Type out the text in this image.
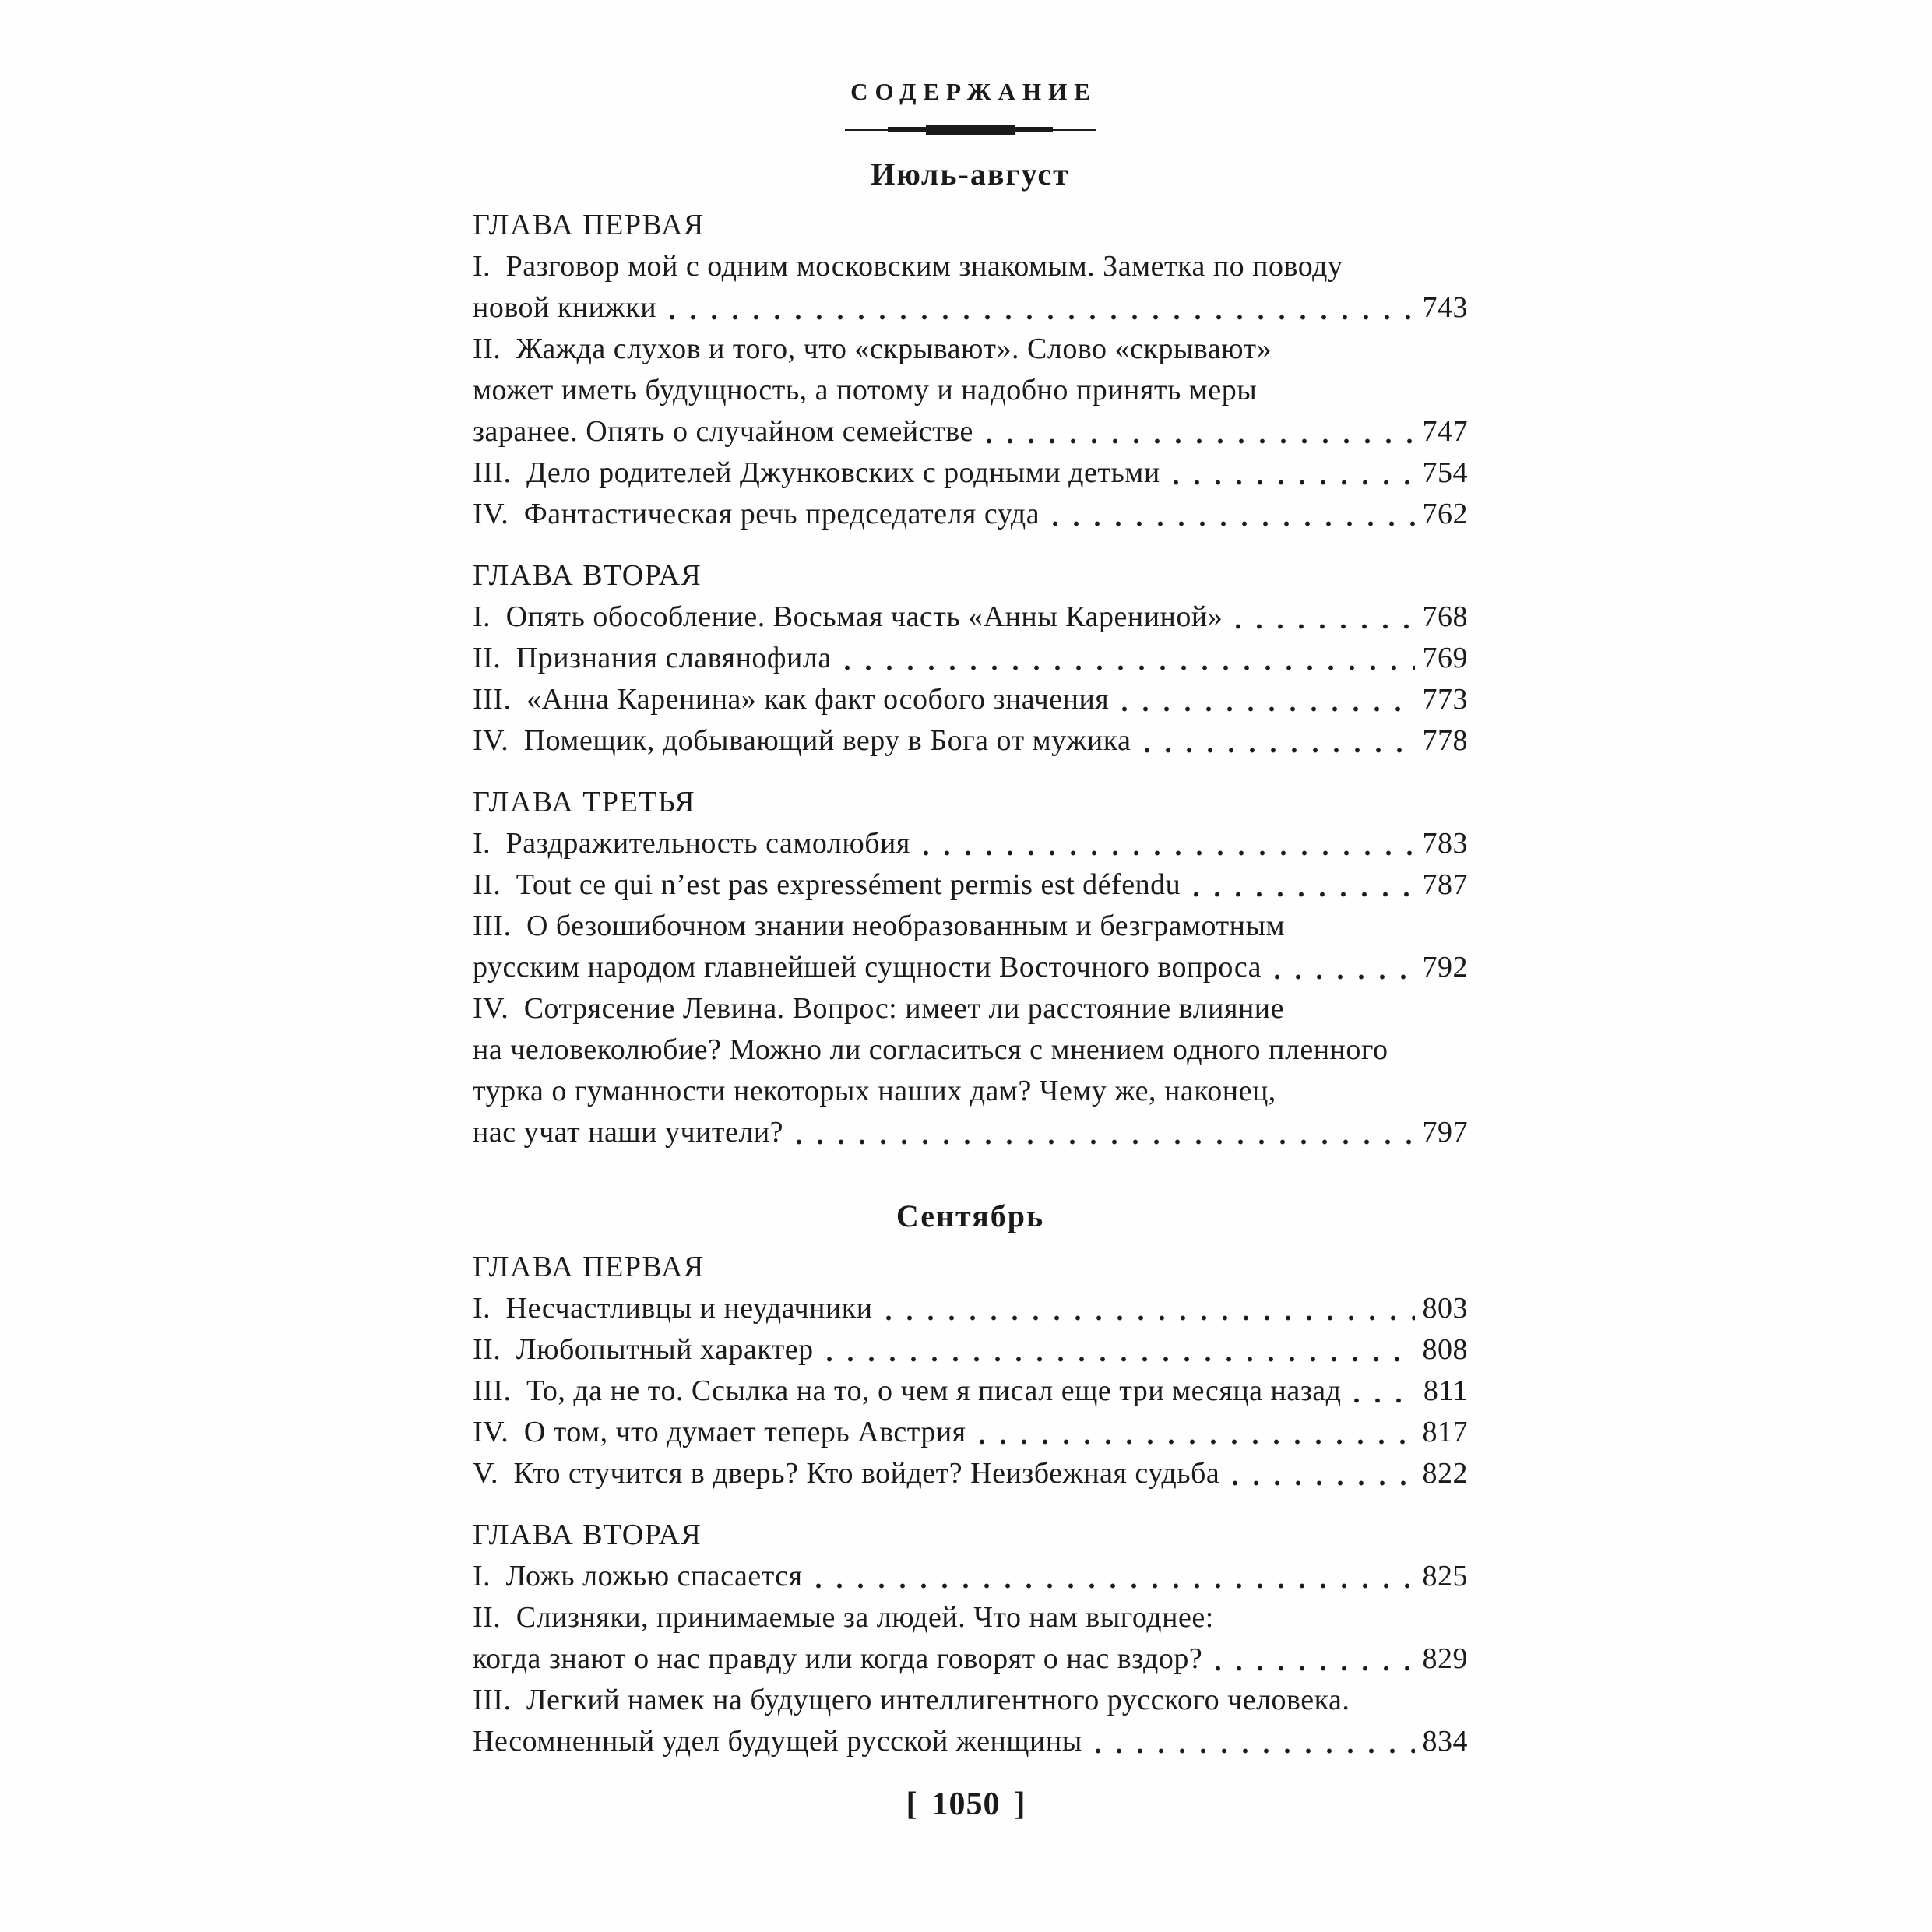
СОДЕРЖАНИЕ
Июль-август
ГЛАВА ПЕРВАЯ
I. Разговор мой с одним московским знакомым. Заметка по поводу
новой книжки	743
II. Жажда слухов и того, что «скрывают». Слово «скрывают»
может иметь будущность, а потому и надобно принять меры
заранее. Опять о случайном семействе	747
III. Дело родителей Джунковских с родными детьми	754
IV. Фантастическая речь председателя суда	762
ГЛАВА ВТОРАЯ
I. Опять обособление. Восьмая часть «Анны Карениной»	768
II. Признания славянофила	769
III. «Анна Каренина» как факт особого значения	773
IV. Помещик, добывающий веру в Бога от мужика	778
ГЛАВА ТРЕТЬЯ
I. Раздражительность самолюбия	783
II. Tout ce qui n’est pas expressément permis est défendu	787
III. О безошибочном знании необразованным и безграмотным
русским народом главнейшей сущности Восточного вопроса	792
IV. Сотрясение Левина. Вопрос: имеет ли расстояние влияние
на человеколюбие? Можно ли согласиться с мнением одного пленного
турка о гуманности некоторых наших дам? Чему же, наконец,
нас учат наши учители?	797
Сентябрь
ГЛАВА ПЕРВАЯ
I. Несчастливцы и неудачники	803
II. Любопытный характер	808
III. То, да не то. Ссылка на то, о чем я писал еще три месяца назад	811
IV. О том, что думает теперь Австрия	817
V. Кто стучится в дверь? Кто войдет? Неизбежная судьба	822
ГЛАВА ВТОРАЯ
I. Ложь ложью спасается	825
II. Слизняки, принимаемые за людей. Что нам выгоднее:
когда знают о нас правду или когда говорят о нас вздор?	829
III. Легкий намек на будущего интеллигентного русского человека.
Несомненный удел будущей русской женщины	834
[ 1050 ]
